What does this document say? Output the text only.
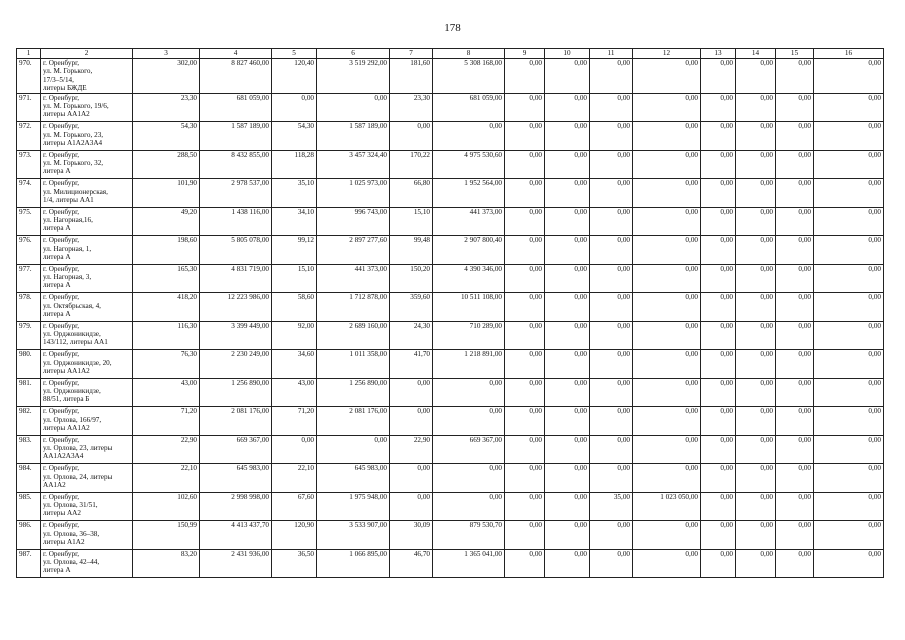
178
1	2	3	4	5	6	7	8	9	10	11	12	13	14	15	16
970.	г. Оренбург,
ул. М. Горького,
17/3–5/14,
литеры БЖДЕ	302,00	8 827 460,00	120,40	3 519 292,00	181,60	5 308 168,00	0,00	0,00	0,00	0,00	0,00	0,00	0,00	0,00
971.	г. Оренбург,
ул. М. Горького, 19/6,
литеры АА1А2	23,30	681 059,00	0,00	0,00	23,30	681 059,00	0,00	0,00	0,00	0,00	0,00	0,00	0,00	0,00
972.	г. Оренбург,
ул. М. Горького, 23,
литеры А1А2А3А4	54,30	1 587 189,00	54,30	1 587 189,00	0,00	0,00	0,00	0,00	0,00	0,00	0,00	0,00	0,00	0,00
973.	г. Оренбург,
ул. М. Горького, 32,
литера А	288,50	8 432 855,00	118,28	3 457 324,40	170,22	4 975 530,60	0,00	0,00	0,00	0,00	0,00	0,00	0,00	0,00
974.	г. Оренбург,
ул. Милиционерская,
1/4, литеры АА1	101,90	2 978 537,00	35,10	1 025 973,00	66,80	1 952 564,00	0,00	0,00	0,00	0,00	0,00	0,00	0,00	0,00
975.	г. Оренбург,
ул. Нагорная,16,
литера А	49,20	1 438 116,00	34,10	996 743,00	15,10	441 373,00	0,00	0,00	0,00	0,00	0,00	0,00	0,00	0,00
976.	г. Оренбург,
ул. Нагорная, 1,
литера А	198,60	5 805 078,00	99,12	2 897 277,60	99,48	2 907 800,40	0,00	0,00	0,00	0,00	0,00	0,00	0,00	0,00
977.	г. Оренбург,
ул. Нагорная, 3,
литера А	165,30	4 831 719,00	15,10	441 373,00	150,20	4 390 346,00	0,00	0,00	0,00	0,00	0,00	0,00	0,00	0,00
978.	г. Оренбург,
ул. Октябрьская, 4,
литера А	418,20	12 223 986,00	58,60	1 712 878,00	359,60	10 511 108,00	0,00	0,00	0,00	0,00	0,00	0,00	0,00	0,00
979.	г. Оренбург,
ул. Орджоникидзе,
143/112, литеры АА1	116,30	3 399 449,00	92,00	2 689 160,00	24,30	710 289,00	0,00	0,00	0,00	0,00	0,00	0,00	0,00	0,00
980.	г. Оренбург,
ул. Орджоникидзе, 20,
литеры АА1А2	76,30	2 230 249,00	34,60	1 011 358,00	41,70	1 218 891,00	0,00	0,00	0,00	0,00	0,00	0,00	0,00	0,00
981.	г. Оренбург,
ул. Орджоникидзе,
88/51, литера Б	43,00	1 256 890,00	43,00	1 256 890,00	0,00	0,00	0,00	0,00	0,00	0,00	0,00	0,00	0,00	0,00
982.	г. Оренбург,
ул. Орлова, 166/97,
литеры АА1А2	71,20	2 081 176,00	71,20	2 081 176,00	0,00	0,00	0,00	0,00	0,00	0,00	0,00	0,00	0,00	0,00
983.	г. Оренбург,
ул. Орлова, 23, литеры
АА1А2А3А4	22,90	669 367,00	0,00	0,00	22,90	669 367,00	0,00	0,00	0,00	0,00	0,00	0,00	0,00	0,00
984.	г. Оренбург,
ул. Орлова, 24, литеры
АА1А2	22,10	645 983,00	22,10	645 983,00	0,00	0,00	0,00	0,00	0,00	0,00	0,00	0,00	0,00	0,00
985.	г. Оренбург,
ул. Орлова, 31/51,
литеры АА2	102,60	2 998 998,00	67,60	1 975 948,00	0,00	0,00	0,00	0,00	35,00	1 023 050,00	0,00	0,00	0,00	0,00
986.	г. Оренбург,
ул. Орлова, 36–38,
литеры А1А2	150,99	4 413 437,70	120,90	3 533 907,00	30,09	879 530,70	0,00	0,00	0,00	0,00	0,00	0,00	0,00	0,00
987.	г. Оренбург,
ул. Орлова, 42–44,
литера А	83,20	2 431 936,00	36,50	1 066 895,00	46,70	1 365 041,00	0,00	0,00	0,00	0,00	0,00	0,00	0,00	0,00
